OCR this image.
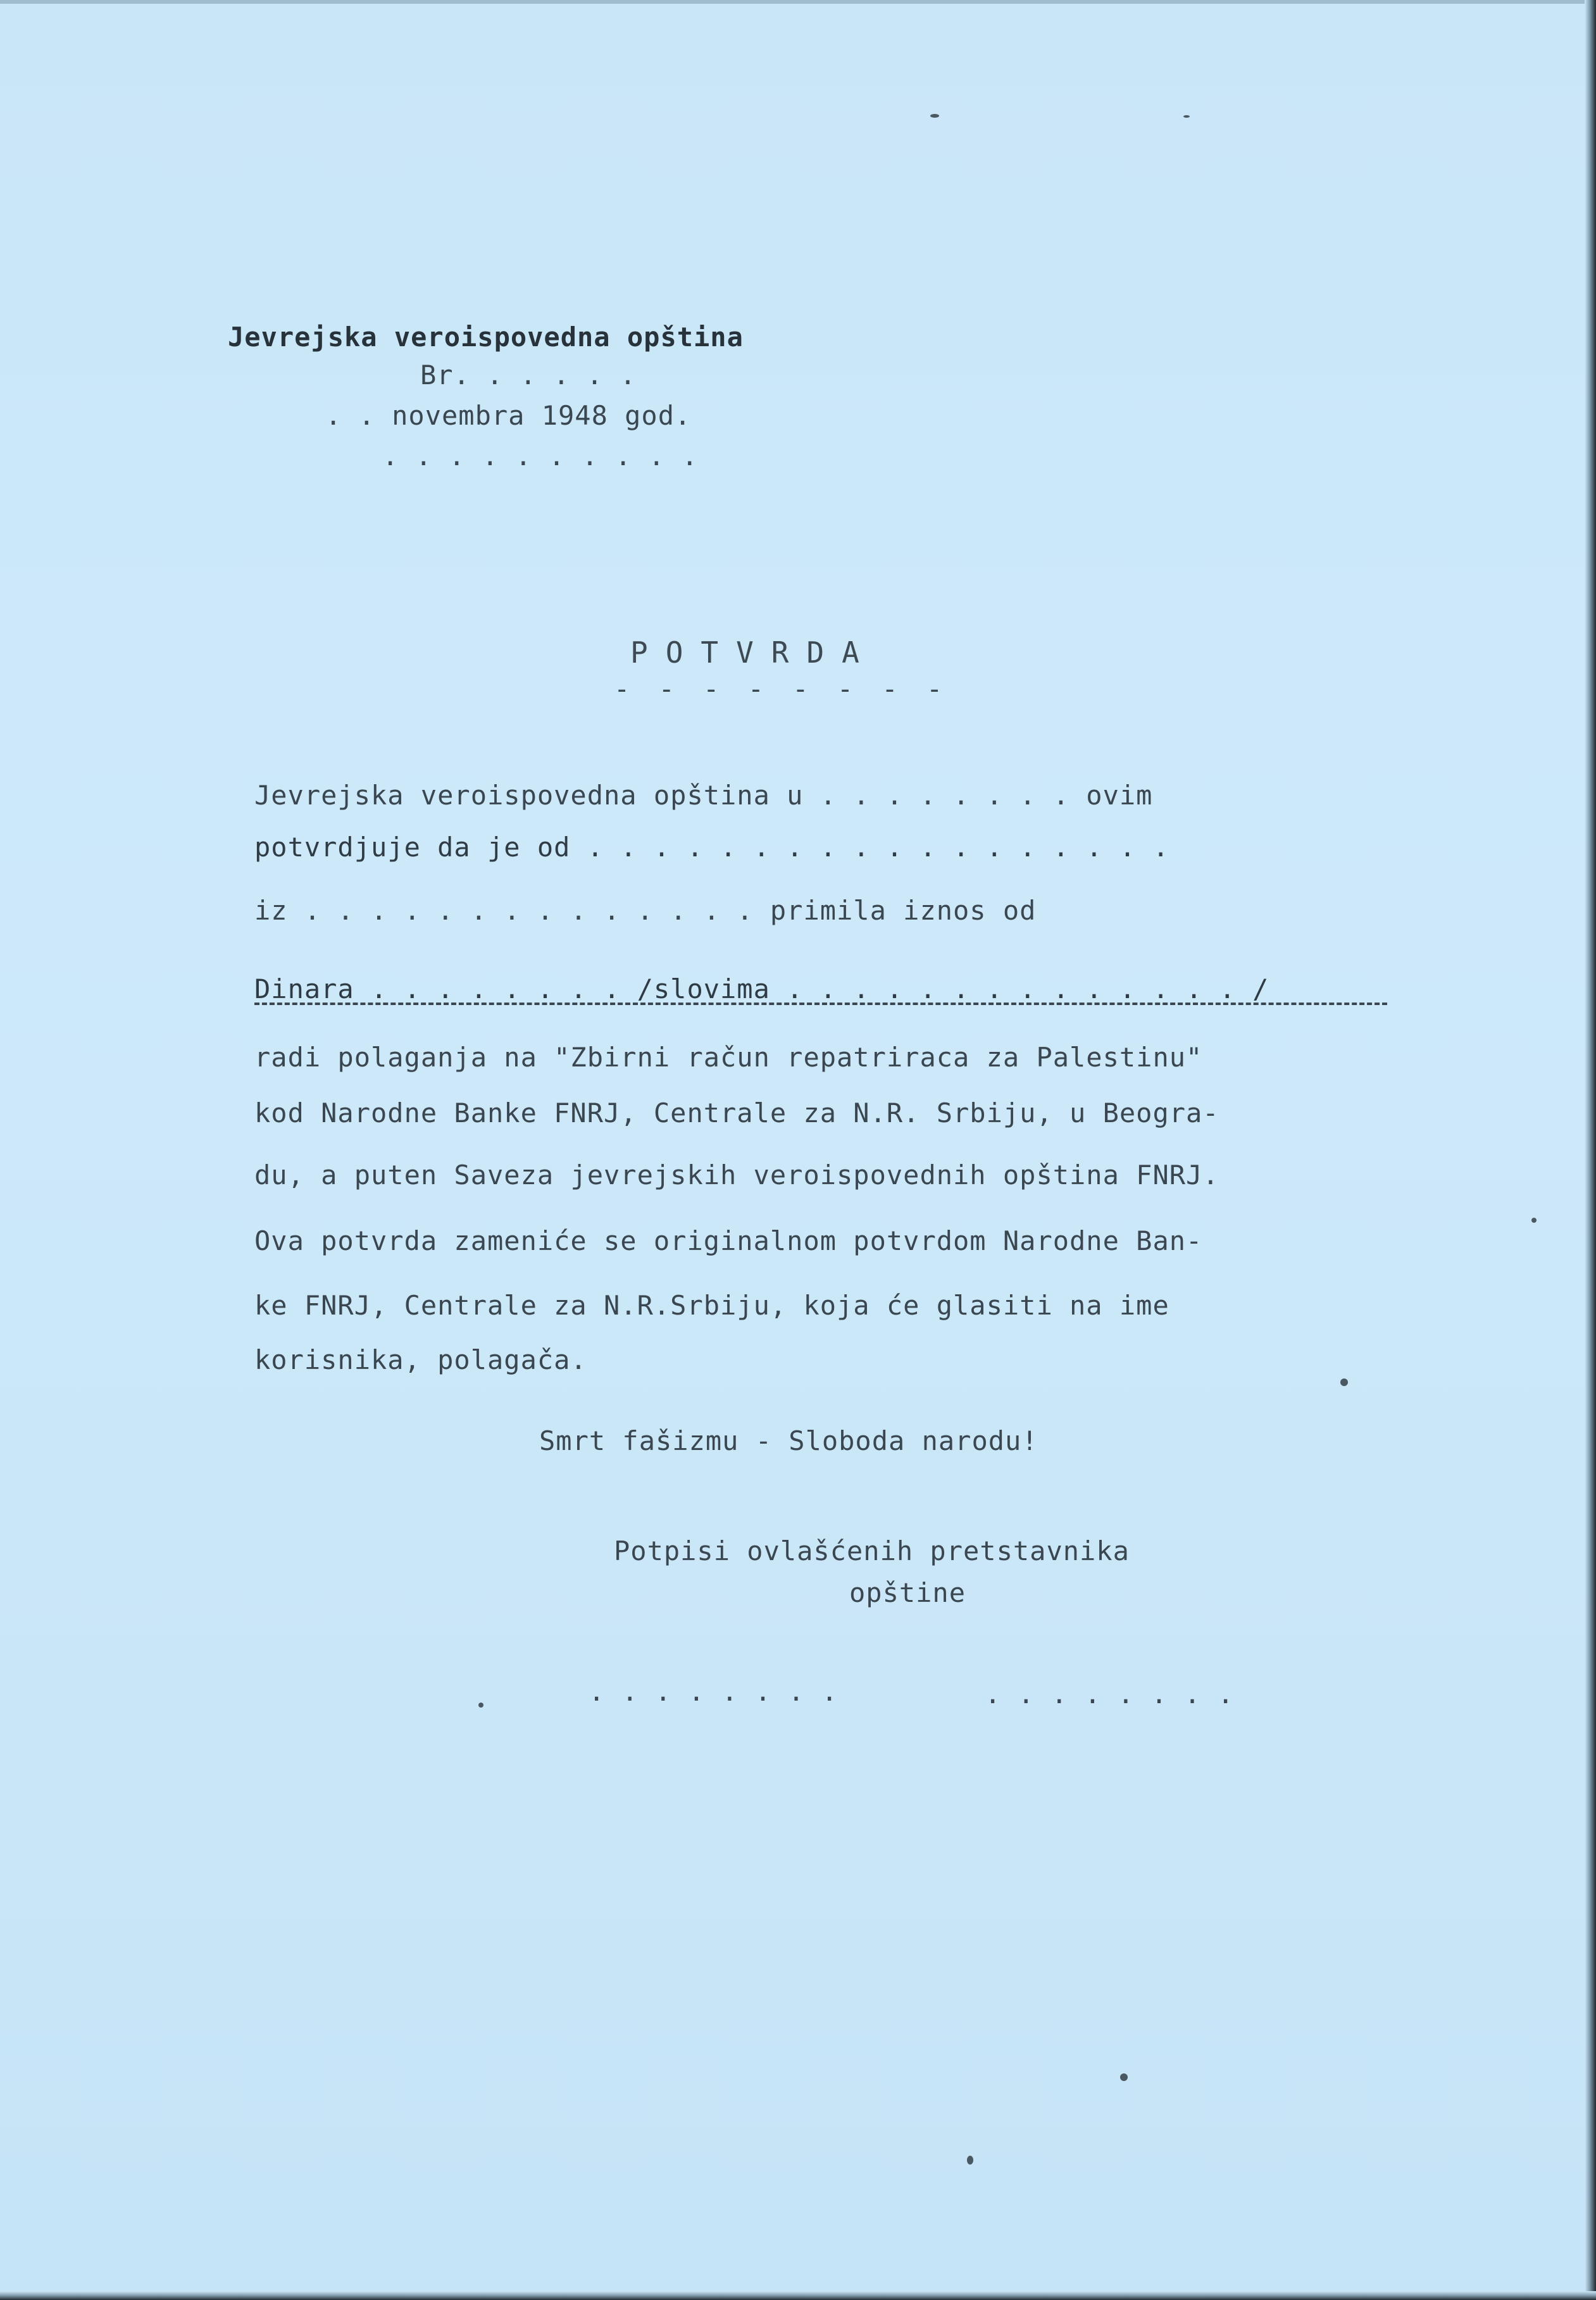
Jevrejska veroispovedna opština
Br. . . . . .
. . novembra 1948 god.
. . . . . . . . . .
POTVRDA
- - - - - - - -
Jevrejska veroispovedna opština u . . . . . . . . ovim
potvrdjuje da je od . . . . . . . . . . . . . . . . . .
iz . . . . . . . . . . . . . . primila iznos od
Dinara . . . . . . . . /slovima . . . . . . . . . . . . . . /
radi polaganja na "Zbirni račun repatriraca za Palestinu"
kod Narodne Banke FNRJ, Centrale za N.R. Srbiju, u Beogra-
du, a puten Saveza jevrejskih veroispovednih opština FNRJ.
Ova potvrda zameniće se originalnom potvrdom Narodne Ban-
ke FNRJ, Centrale za N.R.Srbiju, koja će glasiti na ime
korisnika, polagača.
Smrt fašizmu - Sloboda narodu!
Potpisi ovlašćenih pretstavnika
opštine
. . . . . . . .	. . . . . . . .
